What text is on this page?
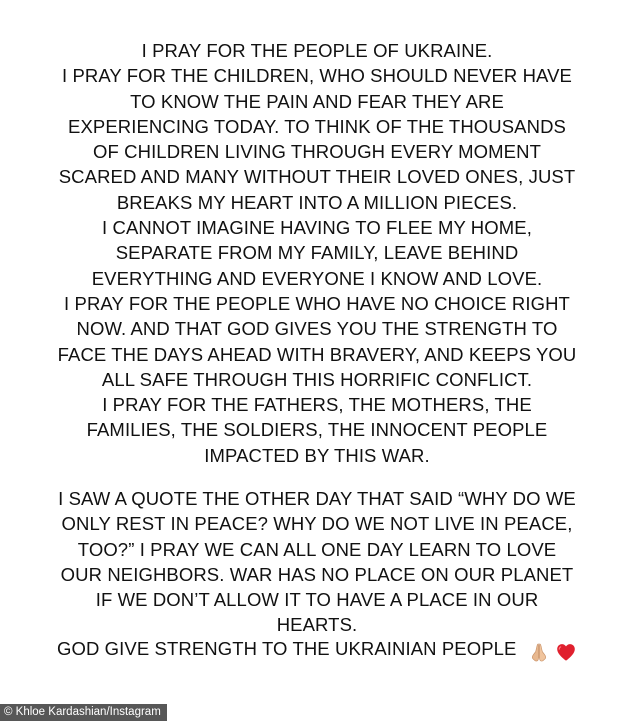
I PRAY FOR THE PEOPLE OF UKRAINE.
I PRAY FOR THE CHILDREN, WHO SHOULD NEVER HAVE
TO KNOW THE PAIN AND FEAR THEY ARE
EXPERIENCING TODAY. TO THINK OF THE THOUSANDS
OF CHILDREN LIVING THROUGH EVERY MOMENT
SCARED AND MANY WITHOUT THEIR LOVED ONES, JUST
BREAKS MY HEART INTO A MILLION PIECES.
I CANNOT IMAGINE HAVING TO FLEE MY HOME,
SEPARATE FROM MY FAMILY, LEAVE BEHIND
EVERYTHING AND EVERYONE I KNOW AND LOVE.
I PRAY FOR THE PEOPLE WHO HAVE NO CHOICE RIGHT
NOW. AND THAT GOD GIVES YOU THE STRENGTH TO
FACE THE DAYS AHEAD WITH BRAVERY, AND KEEPS YOU
ALL SAFE THROUGH THIS HORRIFIC CONFLICT.
I PRAY FOR THE FATHERS, THE MOTHERS, THE
FAMILIES, THE SOLDIERS, THE INNOCENT PEOPLE
IMPACTED BY THIS WAR.
I SAW A QUOTE THE OTHER DAY THAT SAID “WHY DO WE
ONLY REST IN PEACE? WHY DO WE NOT LIVE IN PEACE,
TOO?” I PRAY WE CAN ALL ONE DAY LEARN TO LOVE
OUR NEIGHBORS. WAR HAS NO PLACE ON OUR PLANET
IF WE DON’T ALLOW IT TO HAVE A PLACE IN OUR
HEARTS.
GOD GIVE STRENGTH TO THE UKRAINIAN PEOPLE
© Khloe Kardashian/Instagram
